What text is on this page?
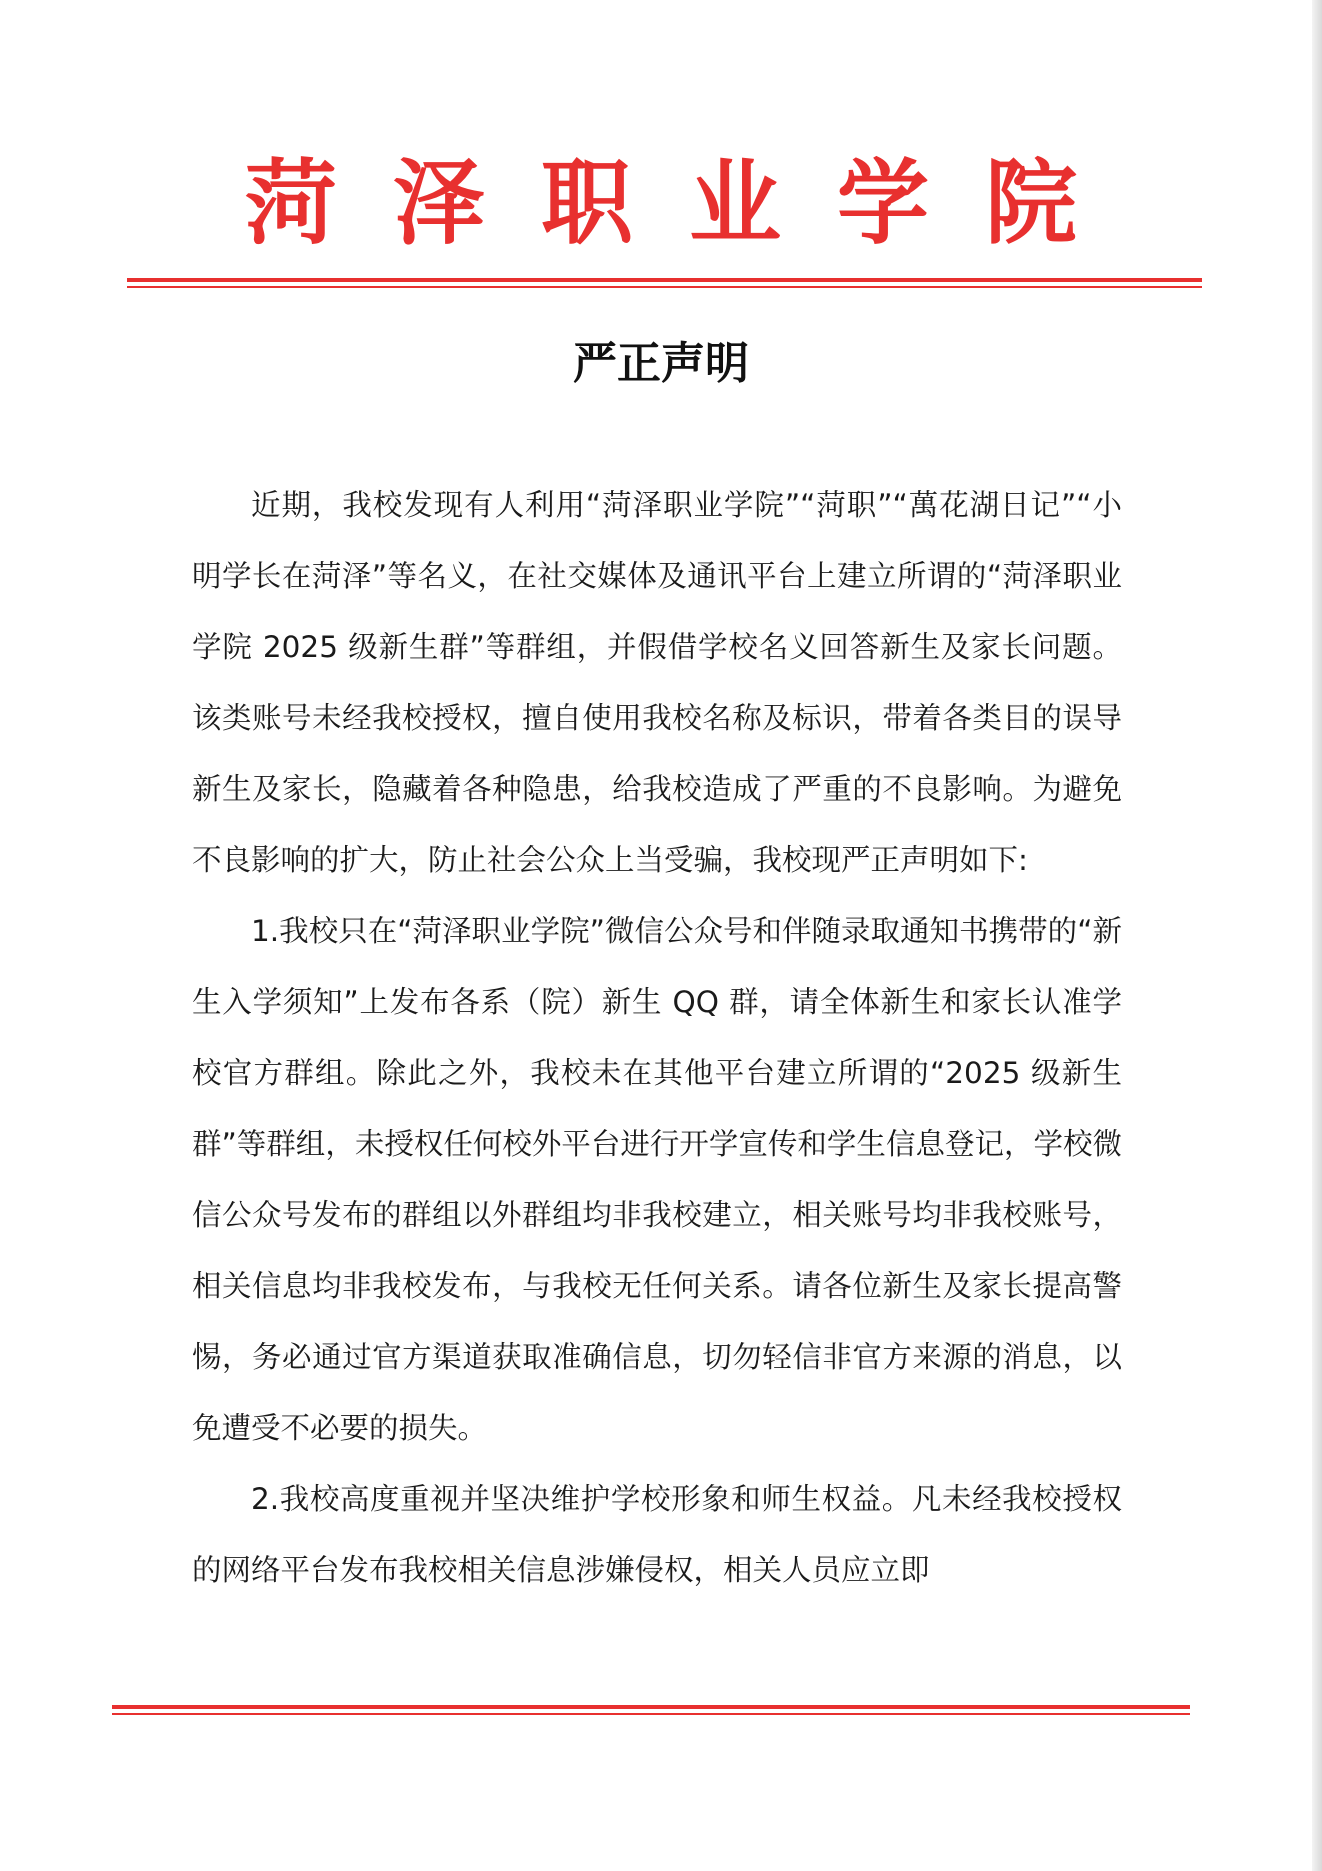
菏泽职业学院
严正声明

近期，我校发现有人利用“菏泽职业学院”“菏职”“萬花湖日记”“小明学长在菏泽”等名义，在社交媒体及通讯平台上建立所谓的“菏泽职业学院 2025 级新生群”等群组，并假借学校名义回答新生及家长问题。该类账号未经我校授权，擅自使用我校名称及标识，带着各类目的误导新生及家长，隐藏着各种隐患，给我校造成了严重的不良影响。为避免不良影响的扩大，防止社会公众上当受骗，我校现严正声明如下:

1.我校只在“菏泽职业学院”微信公众号和伴随录取通知书携带的“新生入学须知”上发布各系（院）新生 QQ 群，请全体新生和家长认准学校官方群组。除此之外，我校未在其他平台建立所谓的“2025 级新生群”等群组，未授权任何校外平台进行开学宣传和学生信息登记，学校微信公众号发布的群组以外群组均非我校建立，相关账号均非我校账号，相关信息均非我校发布，与我校无任何关系。请各位新生及家长提高警惕，务必通过官方渠道获取准确信息，切勿轻信非官方来源的消息，以免遭受不必要的损失。

2.我校高度重视并坚决维护学校形象和师生权益。凡未经我校授权的网络平台发布我校相关信息涉嫌侵权，相关人员应立即
